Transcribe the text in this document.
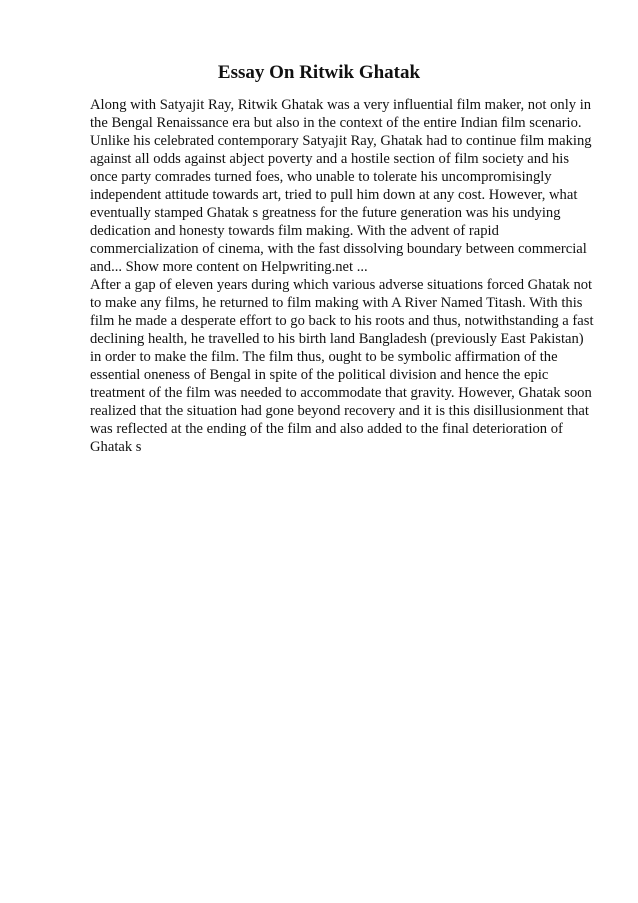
Essay On Ritwik Ghatak

Along with Satyajit Ray, Ritwik Ghatak was a very influential film maker, not only in the Bengal Renaissance era but also in the context of the entire Indian film scenario. Unlike his celebrated contemporary Satyajit Ray, Ghatak had to continue film making against all odds against abject poverty and a hostile section of film society and his once party comrades turned foes, who unable to tolerate his uncompromisingly independent attitude towards art, tried to pull him down at any cost. However, what eventually stamped Ghatak s greatness for the future generation was his undying dedication and honesty towards film making. With the advent of rapid commercialization of cinema, with the fast dissolving boundary between commercial and... Show more content on Helpwriting.net ...

After a gap of eleven years during which various adverse situations forced Ghatak not to make any films, he returned to film making with A River Named Titash. With this film he made a desperate effort to go back to his roots and thus, notwithstanding a fast declining health, he travelled to his birth land Bangladesh (previously East Pakistan) in order to make the film. The film thus, ought to be symbolic affirmation of the essential oneness of Bengal in spite of the political division and hence the epic treatment of the film was needed to accommodate that gravity. However, Ghatak soon realized that the situation had gone beyond recovery and it is this disillusionment that was reflected at the ending of the film and also added to the final deterioration of Ghatak s
